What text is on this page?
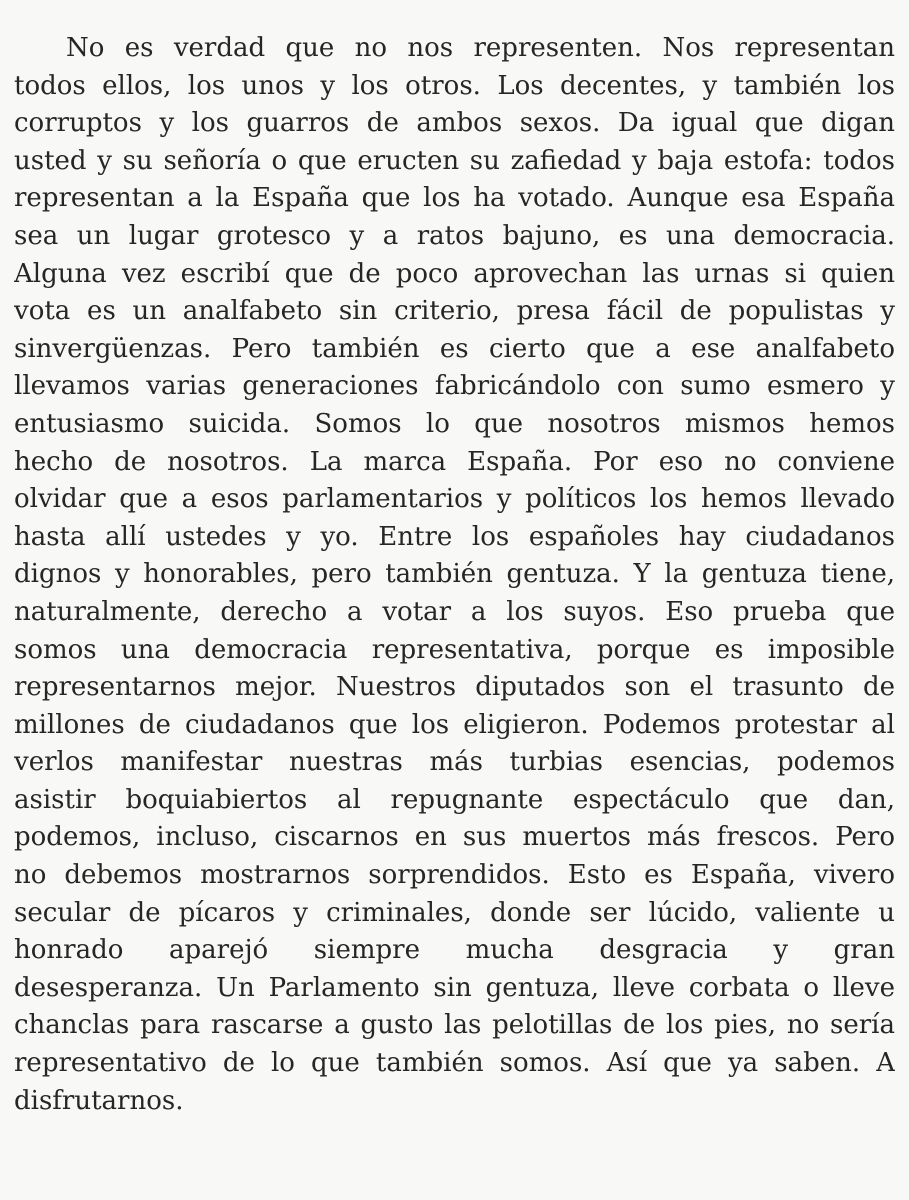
No es verdad que no nos representen. Nos representan
todos ellos, los unos y los otros. Los decentes, y también los
corruptos y los guarros de ambos sexos. Da igual que digan
usted y su señoría o que eructen su zafiedad y baja estofa: todos
representan a la España que los ha votado. Aunque esa España
sea un lugar grotesco y a ratos bajuno, es una democracia.
Alguna vez escribí que de poco aprovechan las urnas si quien
vota es un analfabeto sin criterio, presa fácil de populistas y
sinvergüenzas. Pero también es cierto que a ese analfabeto
llevamos varias generaciones fabricándolo con sumo esmero y
entusiasmo suicida. Somos lo que nosotros mismos hemos
hecho de nosotros. La marca España. Por eso no conviene
olvidar que a esos parlamentarios y políticos los hemos llevado
hasta allí ustedes y yo. Entre los españoles hay ciudadanos
dignos y honorables, pero también gentuza. Y la gentuza tiene,
naturalmente, derecho a votar a los suyos. Eso prueba que
somos una democracia representativa, porque es imposible
representarnos mejor. Nuestros diputados son el trasunto de
millones de ciudadanos que los eligieron. Podemos protestar al
verlos manifestar nuestras más turbias esencias, podemos
asistir boquiabiertos al repugnante espectáculo que dan,
podemos, incluso, ciscarnos en sus muertos más frescos. Pero
no debemos mostrarnos sorprendidos. Esto es España, vivero
secular de pícaros y criminales, donde ser lúcido, valiente u
honrado aparejó siempre mucha desgracia y gran
desesperanza. Un Parlamento sin gentuza, lleve corbata o lleve
chanclas para rascarse a gusto las pelotillas de los pies, no sería
representativo de lo que también somos. Así que ya saben. A
disfrutarnos.
